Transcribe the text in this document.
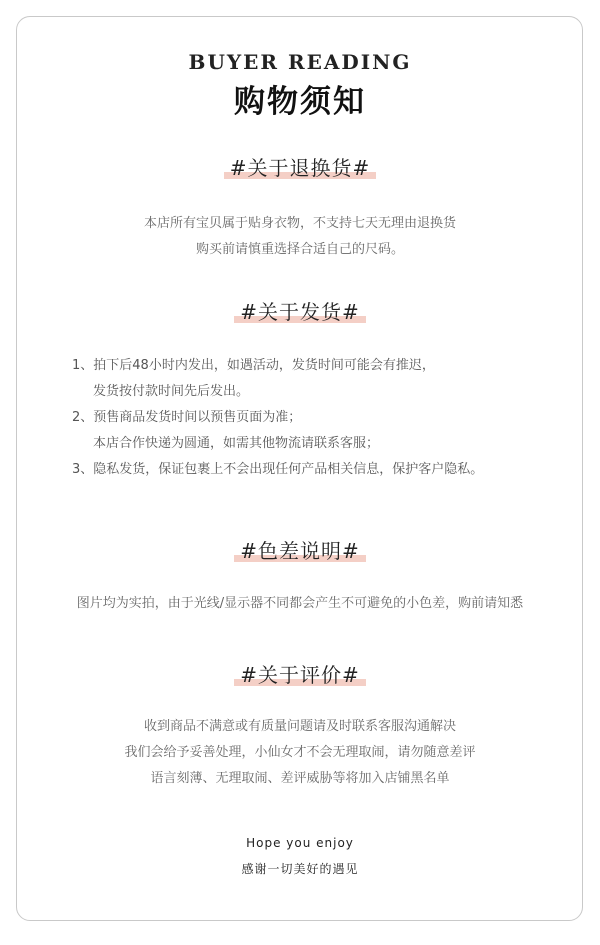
BUYER READING
购物须知
#关于退换货#
本店所有宝贝属于贴身衣物，不支持七天无理由退换货
购买前请慎重选择合适自己的尺码。
#关于发货#
1、拍下后48小时内发出，如遇活动，发货时间可能会有推迟，
发货按付款时间先后发出。
2、预售商品发货时间以预售页面为准；
本店合作快递为圆通，如需其他物流请联系客服；
3、隐私发货，保证包裹上不会出现任何产品相关信息，保护客户隐私。
#色差说明#
图片均为实拍，由于光线/显示器不同都会产生不可避免的小色差，购前请知悉
#关于评价#
收到商品不满意或有质量问题请及时联系客服沟通解决
我们会给予妥善处理，小仙女才不会无理取闹，请勿随意差评
语言刻薄、无理取闹、差评威胁等将加入店铺黑名单
Hope you enjoy
感谢一切美好的遇见
